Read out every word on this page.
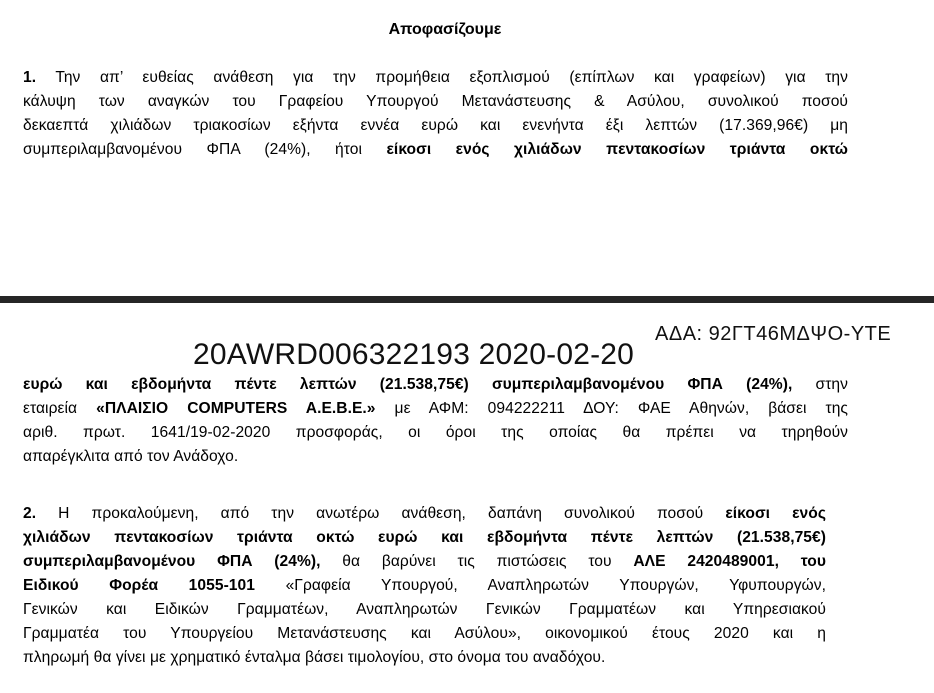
Αποφασίζουμε
1. Την απ’ ευθείας ανάθεση για την προμήθεια εξοπλισμού (επίπλων και γραφείων) για την
κάλυψη των αναγκών του Γραφείου Υπουργού Μετανάστευσης & Ασύλου, συνολικού ποσού
δεκαεπτά χιλιάδων τριακοσίων εξήντα εννέα ευρώ και ενενήντα έξι λεπτών (17.369,96€) μη
συμπεριλαμβανομένου ΦΠΑ (24%), ήτοι είκοσι ενός χιλιάδων πεντακοσίων τριάντα οκτώ
ΑΔΑ: 92ΓΤ46ΜΔΨΟ-ΥΤΕ
20AWRD006322193 2020-02-20
ευρώ και εβδομήντα πέντε λεπτών (21.538,75€) συμπεριλαμβανομένου ΦΠΑ (24%), στην
εταιρεία «ΠΛΑΙΣΙΟ COMPUTERS A.E.B.E.» με ΑΦΜ: 094222211 ΔΟΥ: ΦΑΕ Αθηνών, βάσει της
αριθ. πρωτ. 1641/19-02-2020 προσφοράς, οι όροι της οποίας θα πρέπει να τηρηθούν
απαρέγκλιτα από τον Ανάδοχο.
2. Η προκαλούμενη, από την ανωτέρω ανάθεση, δαπάνη συνολικού ποσού είκοσι ενός
χιλιάδων πεντακοσίων τριάντα οκτώ ευρώ και εβδομήντα πέντε λεπτών (21.538,75€)
συμπεριλαμβανομένου ΦΠΑ (24%), θα βαρύνει τις πιστώσεις του ΑΛΕ 2420489001, του
Ειδικού Φορέα 1055-101 «Γραφεία Υπουργού, Αναπληρωτών Υπουργών, Υφυπουργών,
Γενικών και Ειδικών Γραμματέων, Αναπληρωτών Γενικών Γραμματέων και Υπηρεσιακού
Γραμματέα του Υπουργείου Μετανάστευσης και Ασύλου», οικονομικού έτους 2020 και η
πληρωμή θα γίνει με χρηματικό ένταλμα βάσει τιμολογίου, στο όνομα του αναδόχου.
